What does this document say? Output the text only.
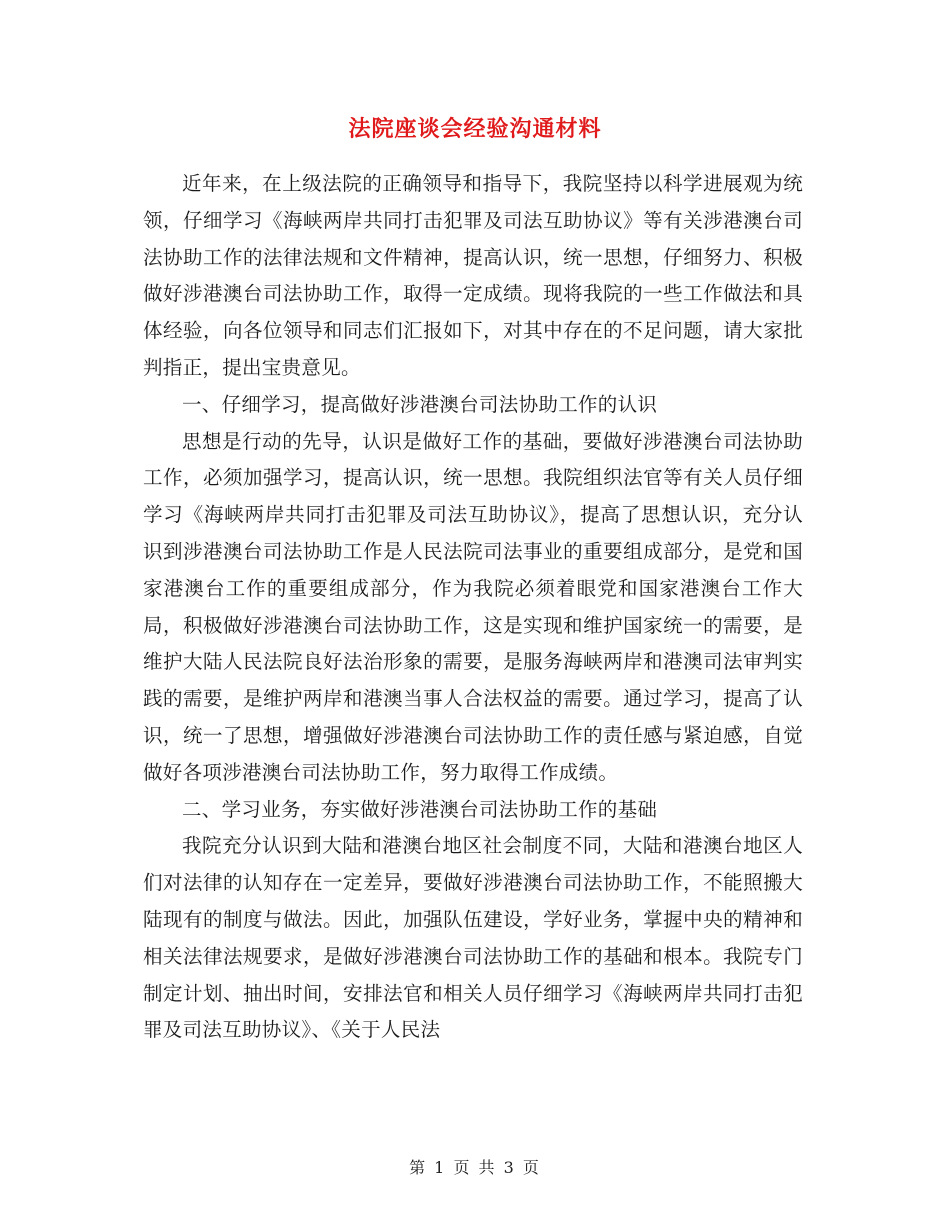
法院座谈会经验沟通材料

近年来，在上级法院的正确领导和指导下，我院坚持以科学进展观为统领，仔细学习《海峡两岸共同打击犯罪及司法互助协议》等有关涉港澳台司法协助工作的法律法规和文件精神，提高认识，统一思想，仔细努力、积极做好涉港澳台司法协助工作，取得一定成绩。现将我院的一些工作做法和具体经验，向各位领导和同志们汇报如下，对其中存在的不足问题，请大家批判指正，提出宝贵意见。

一、仔细学习，提高做好涉港澳台司法协助工作的认识

思想是行动的先导，认识是做好工作的基础，要做好涉港澳台司法协助工作，必须加强学习，提高认识，统一思想。我院组织法官等有关人员仔细学习《海峡两岸共同打击犯罪及司法互助协议》，提高了思想认识，充分认识到涉港澳台司法协助工作是人民法院司法事业的重要组成部分，是党和国家港澳台工作的重要组成部分，作为我院必须着眼党和国家港澳台工作大局，积极做好涉港澳台司法协助工作，这是实现和维护国家统一的需要，是维护大陆人民法院良好法治形象的需要，是服务海峡两岸和港澳司法审判实践的需要，是维护两岸和港澳当事人合法权益的需要。通过学习，提高了认识，统一了思想，增强做好涉港澳台司法协助工作的责任感与紧迫感，自觉做好各项涉港澳台司法协助工作，努力取得工作成绩。

二、学习业务，夯实做好涉港澳台司法协助工作的基础

我院充分认识到大陆和港澳台地区社会制度不同，大陆和港澳台地区人们对法律的认知存在一定差异，要做好涉港澳台司法协助工作，不能照搬大陆现有的制度与做法。因此，加强队伍建设，学好业务，掌握中央的精神和相关法律法规要求，是做好涉港澳台司法协助工作的基础和根本。我院专门制定计划、抽出时间，安排法官和相关人员仔细学习《海峡两岸共同打击犯罪及司法互助协议》、《关于人民法

第 1 页 共 3 页
